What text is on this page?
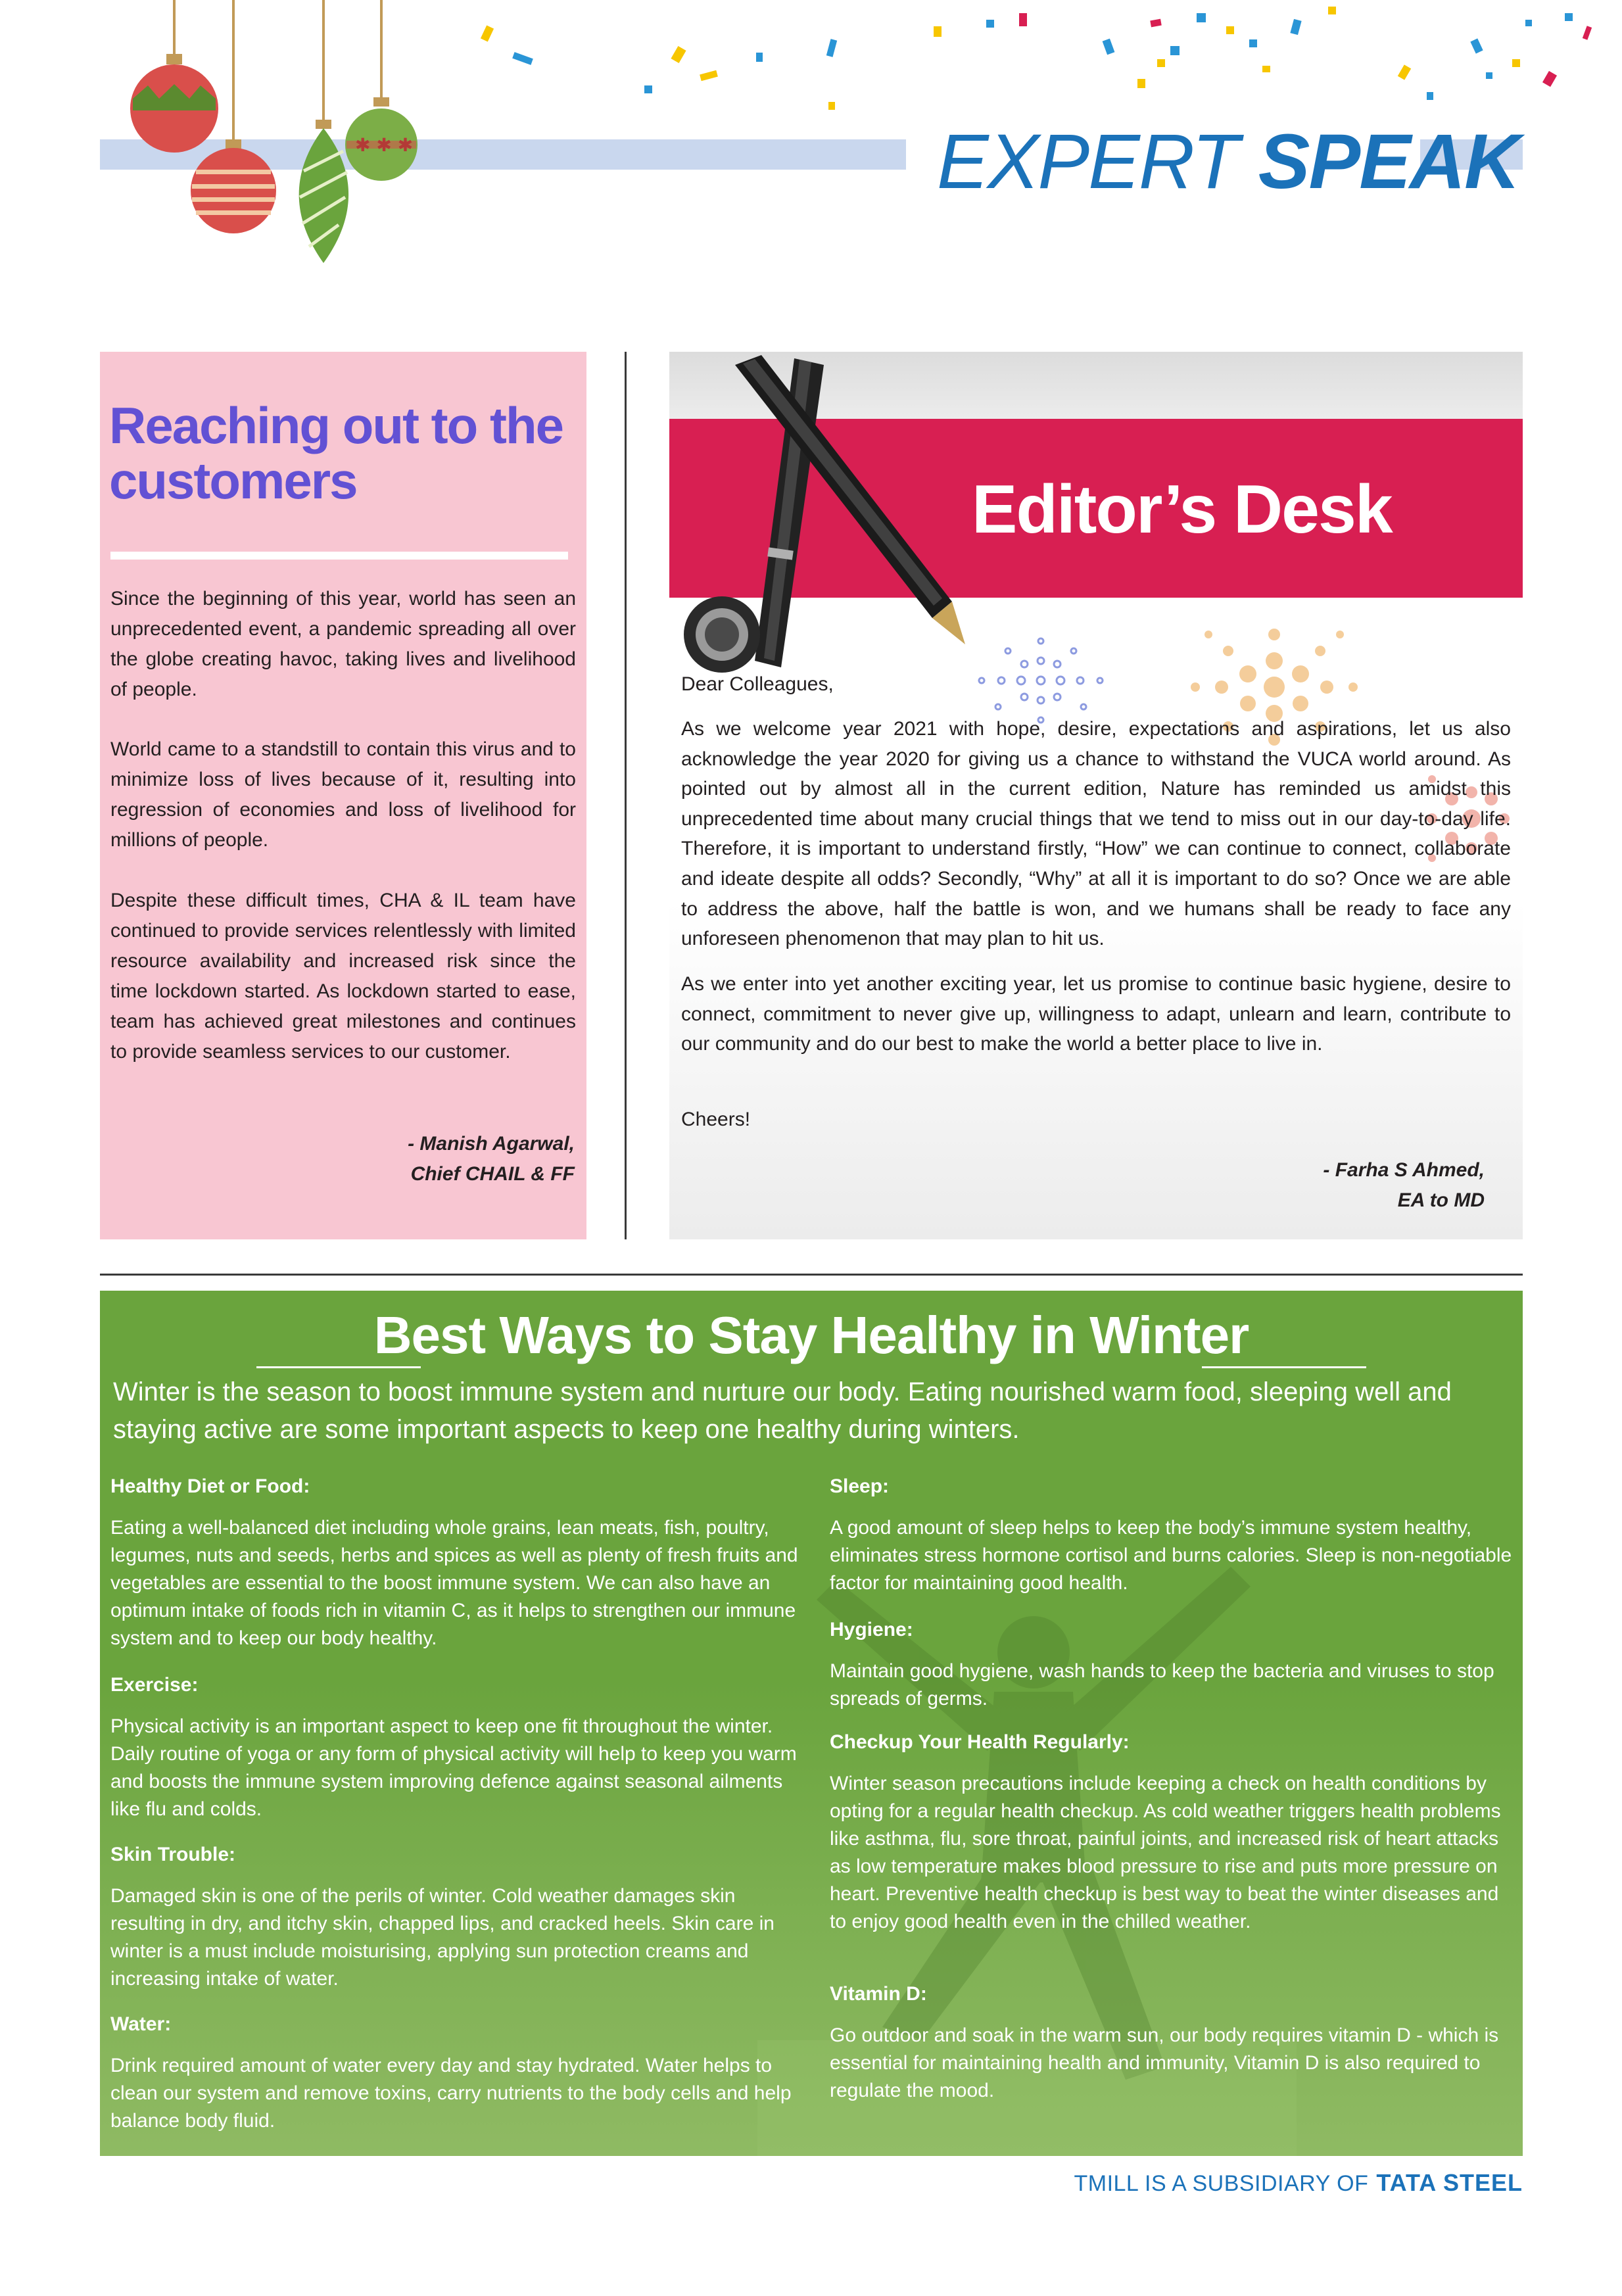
✱ ✱ ✱	EXPERT SPEAK
Reaching out to the customers
Since the beginning of this year, world has seen an unprecedented event, a pandemic spreading all over the globe creating havoc, taking lives and livelihood of people.
World came to a standstill to contain this virus and to minimize loss of lives because of it, resulting into regression of economies and loss of livelihood for millions of people.
Despite these difficult times, CHA & IL team have continued to provide services relentlessly with limited resource availability and increased risk since the time lockdown started. As lockdown started to ease, team has achieved great milestones and continues to provide seamless services to our customer.
- Manish Agarwal,
Chief CHAIL & FF
Editor’s Desk
Dear Colleagues,
As we welcome year 2021 with hope, desire, expectations and aspirations, let us also acknowledge the year 2020 for giving us a chance to withstand the VUCA world around. As pointed out by almost all in the current edition, Nature has reminded us amidst this unprecedented time about many crucial things that we tend to miss out in our day-to-day life. Therefore, it is important to understand firstly, “How” we can continue to connect, collaborate and ideate despite all odds? Secondly, “Why” at all it is important to do so? Once we are able to address the above, half the battle is won, and we humans shall be ready to face any unforeseen phenomenon that may plan to hit us.
As we enter into yet another exciting year, let us promise to continue basic hygiene, desire to connect, commitment to never give up, willingness to adapt, unlearn and learn, contribute to our community and do our best to make the world a better place to live in.
Cheers!
- Farha S Ahmed,
EA to MD
Best Ways to Stay Healthy in Winter
Winter is the season to boost immune system and nurture our body. Eating nourished warm food, sleeping well and staying active are some important aspects to keep one healthy during winters.
Healthy Diet or Food:
Eating a well-balanced diet including whole grains, lean meats, fish, poultry, legumes, nuts and seeds, herbs and spices as well as plenty of fresh fruits and vegetables are essential to the boost immune system. We can also have an optimum intake of foods rich in vitamin C, as it helps to strengthen our immune system and to keep our body healthy.
Exercise:
Physical activity is an important aspect to keep one fit throughout the winter. Daily routine of yoga or any form of physical activity will help to keep you warm and boosts the immune system improving defence against seasonal ailments like flu and colds.
Skin Trouble:
Damaged skin is one of the perils of winter. Cold weather damages skin resulting in dry, and itchy skin, chapped lips, and cracked heels. Skin care in winter is a must include moisturising, applying sun protection creams and increasing intake of water.
Water:
Drink required amount of water every day and stay hydrated. Water helps to clean our system and remove toxins, carry nutrients to the body cells and help balance body fluid.
Sleep:
A good amount of sleep helps to keep the body’s immune system healthy, eliminates stress hormone cortisol and burns calories. Sleep is non-negotiable factor for maintaining good health.
Hygiene:
Maintain good hygiene, wash hands to keep the bacteria and viruses to stop spreads of germs.
Checkup Your Health Regularly:
Winter season precautions include keeping a check on health conditions by opting for a regular health checkup. As cold weather triggers health problems like asthma, flu, sore throat, painful joints, and increased risk of heart attacks as low temperature makes blood pressure to rise and puts more pressure on heart. Preventive health checkup is best way to beat the winter diseases and to enjoy good health even in the chilled weather.
Vitamin D:
Go outdoor and soak in the warm sun, our body requires vitamin D - which is essential for maintaining health and immunity, Vitamin D is also required to regulate the mood.
TMILL IS A SUBSIDIARY OF TATA STEEL
